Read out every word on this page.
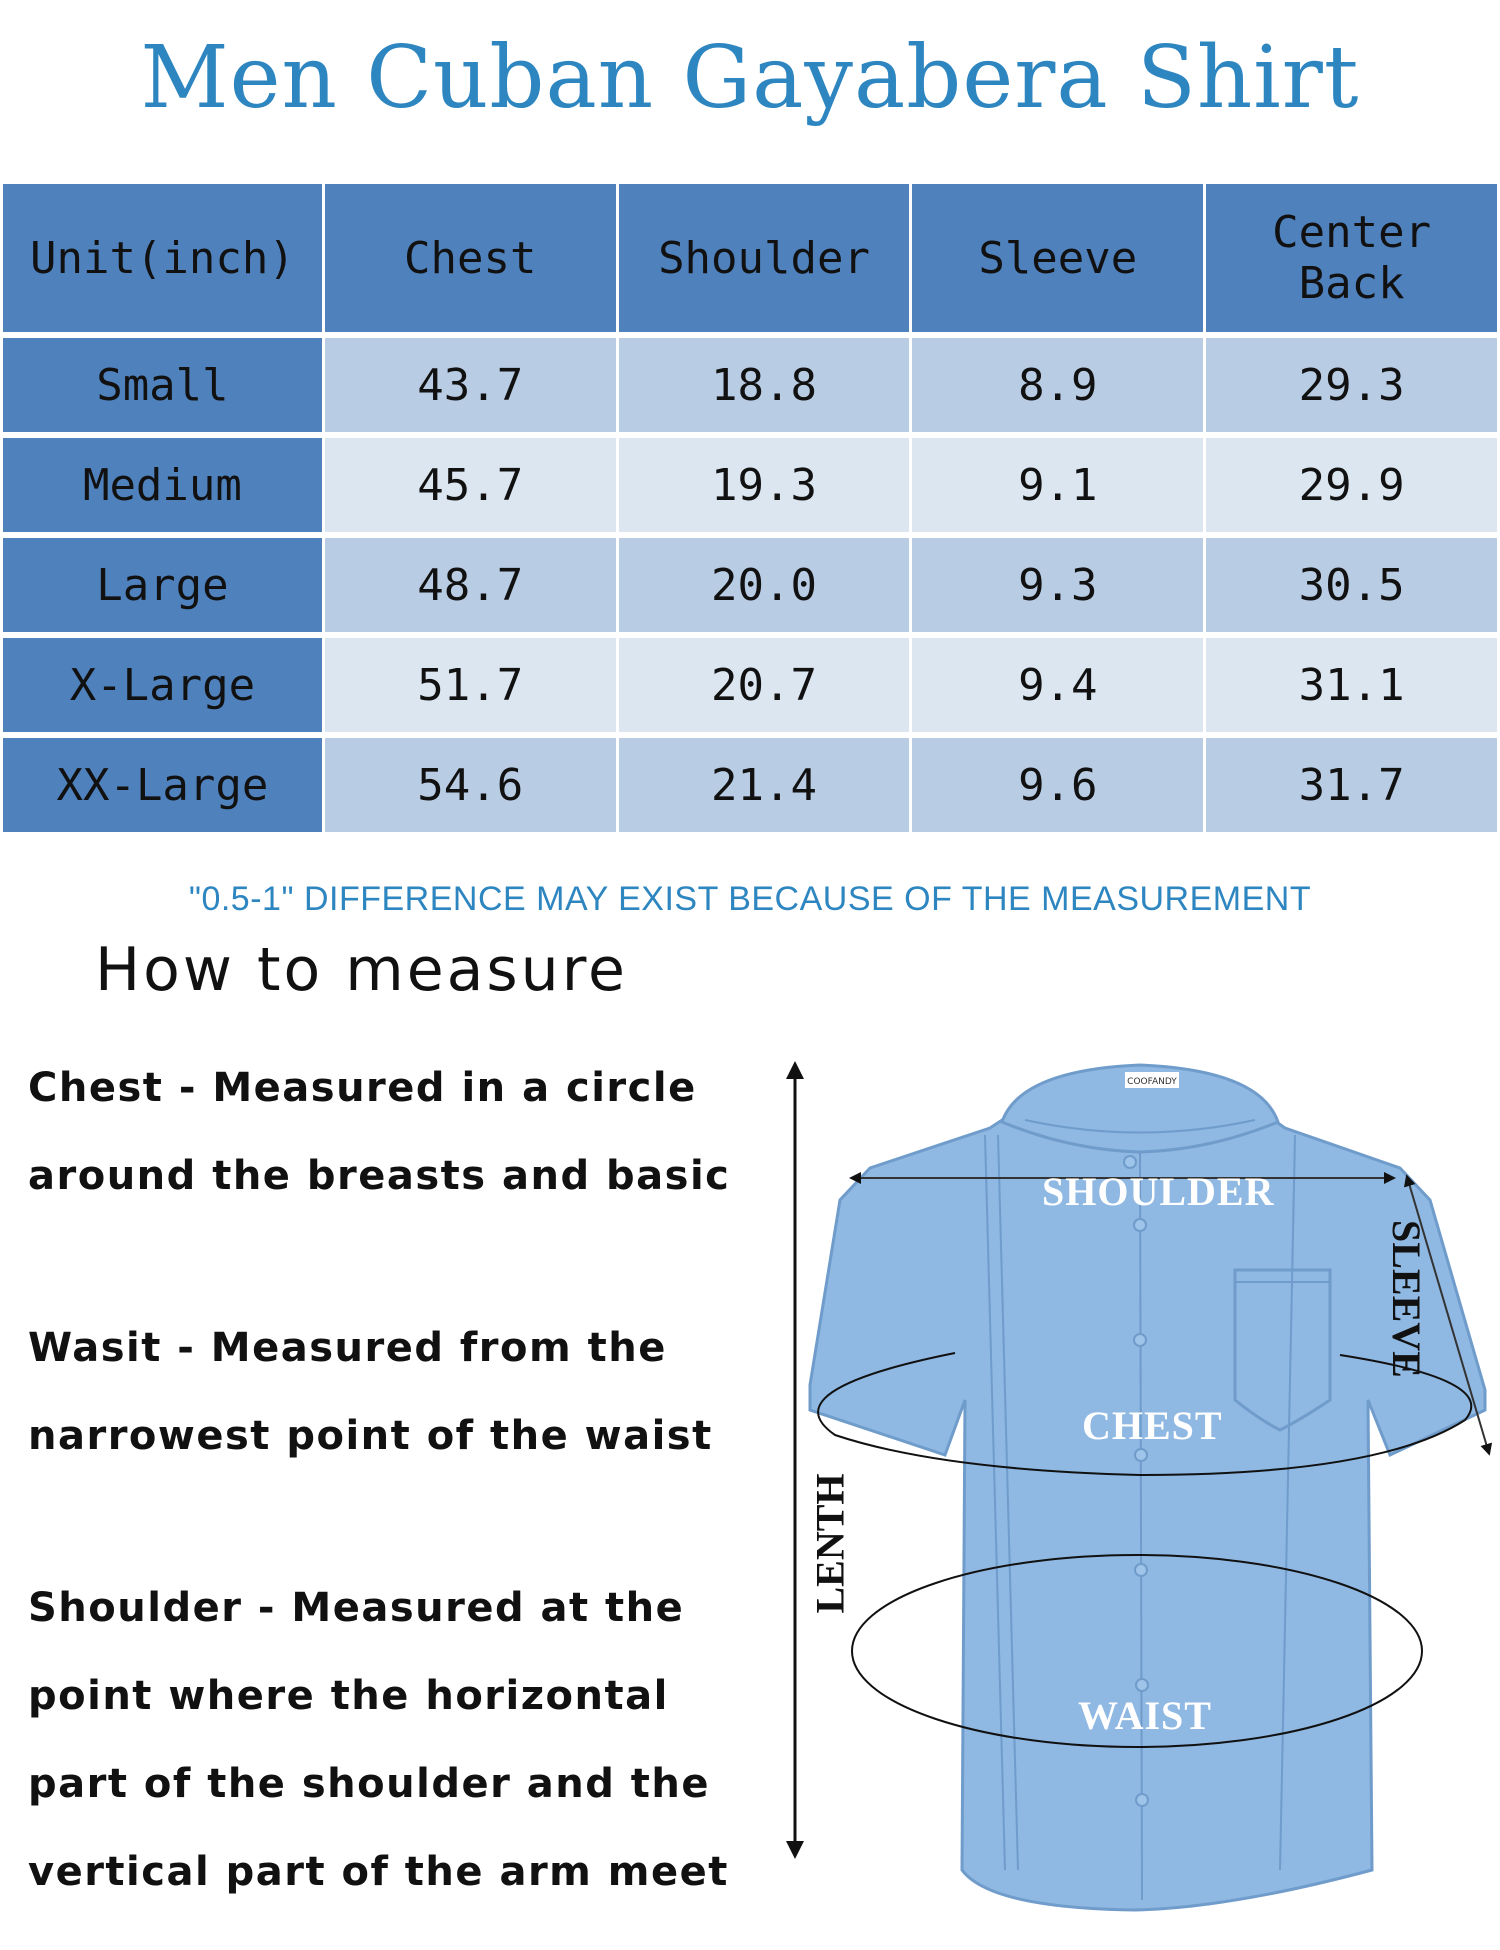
Men Cuban Gayabera Shirt
Unit(inch)	Chest	Shoulder	Sleeve	Center Back
Small	43.7	18.8	8.9	29.3
Medium	45.7	19.3	9.1	29.9
Large	48.7	20.0	9.3	30.5
X-Large	51.7	20.7	9.4	31.1
XX-Large	54.6	21.4	9.6	31.7
"0.5-1" DIFFERENCE MAY EXIST BECAUSE OF THE MEASUREMENT
How to measure
Chest - Measured in a circle
around the breasts and basic
Wasit - Measured from the
narrowest point of the waist
Shoulder - Measured at the
point where the horizontal
part of the shoulder and the
vertical part of the arm meet
COOFANDY
SHOULDER
CHEST
WAIST
SLEEVE
LENTH
